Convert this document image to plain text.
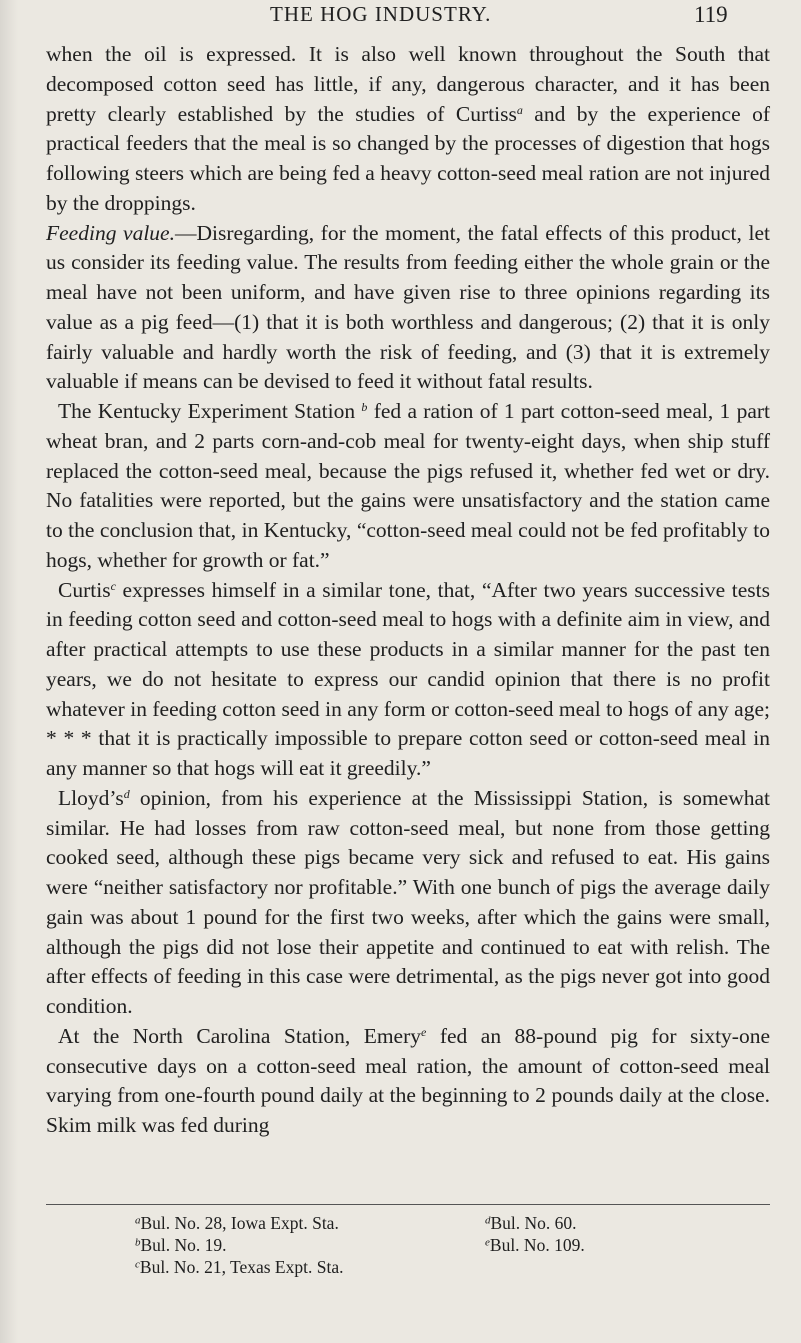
THE HOG INDUSTRY.	119

when the oil is expressed. It is also well known throughout the South that decomposed cotton seed has little, if any, dangerous character, and it has been pretty clearly established by the studies of Curtiss$^a$ and by the experience of practical feeders that the meal is so changed by the processes of digestion that hogs following steers which are being fed a heavy cotton-seed meal ration are not injured by the droppings.

Feeding value.—Disregarding, for the moment, the fatal effects of this product, let us consider its feeding value. The results from feeding either the whole grain or the meal have not been uniform, and have given rise to three opinions regarding its value as a pig feed—(1) that it is both worthless and dangerous; (2) that it is only fairly valuable and hardly worth the risk of feeding, and (3) that it is extremely valuable if means can be devised to feed it without fatal results.

The Kentucky Experiment Station $^b$ fed a ration of 1 part cotton-seed meal, 1 part wheat bran, and 2 parts corn-and-cob meal for twenty-eight days, when ship stuff replaced the cotton-seed meal, because the pigs refused it, whether fed wet or dry. No fatalities were reported, but the gains were unsatisfactory and the station came to the conclusion that, in Kentucky, “cotton-seed meal could not be fed profitably to hogs, whether for growth or fat.”

Curtis$^c$ expresses himself in a similar tone, that, “After two years successive tests in feeding cotton seed and cotton-seed meal to hogs with a definite aim in view, and after practical attempts to use these products in a similar manner for the past ten years, we do not hesitate to express our candid opinion that there is no profit whatever in feeding cotton seed in any form or cotton-seed meal to hogs of any age; * * * that it is practically impossible to prepare cotton seed or cotton-seed meal in any manner so that hogs will eat it greedily.”

$Lloyd’s^d$ opinion, from his experience at the Mississippi Station, is somewhat similar. He had losses from raw cotton-seed meal, but none from those getting cooked seed, although these pigs became very sick and refused to eat. His gains were “neither satisfactory nor profitable.” With one bunch of pigs the average daily gain was about 1 pound for the first two weeks, after which the gains were small, although the pigs did not lose their appetite and continued to eat with relish. The after effects of feeding in this case were detrimental, as the pigs never got into good condition.

At the North Carolina Station, Emery$^e$ fed an 88-pound pig for sixty-one consecutive days on a cotton-seed meal ration, the amount of cotton-seed meal varying from one-fourth pound daily at the beginning to 2 pounds daily at the close. Skim milk was fed during

$^a$Bul. No. 28, Iowa Expt. Sta.
$^b$Bul. No. 19.
$^c$Bul. No. 21, Texas Expt. Sta.
$^d$Bul. No. 60.
$^e$Bul. No. 109.
